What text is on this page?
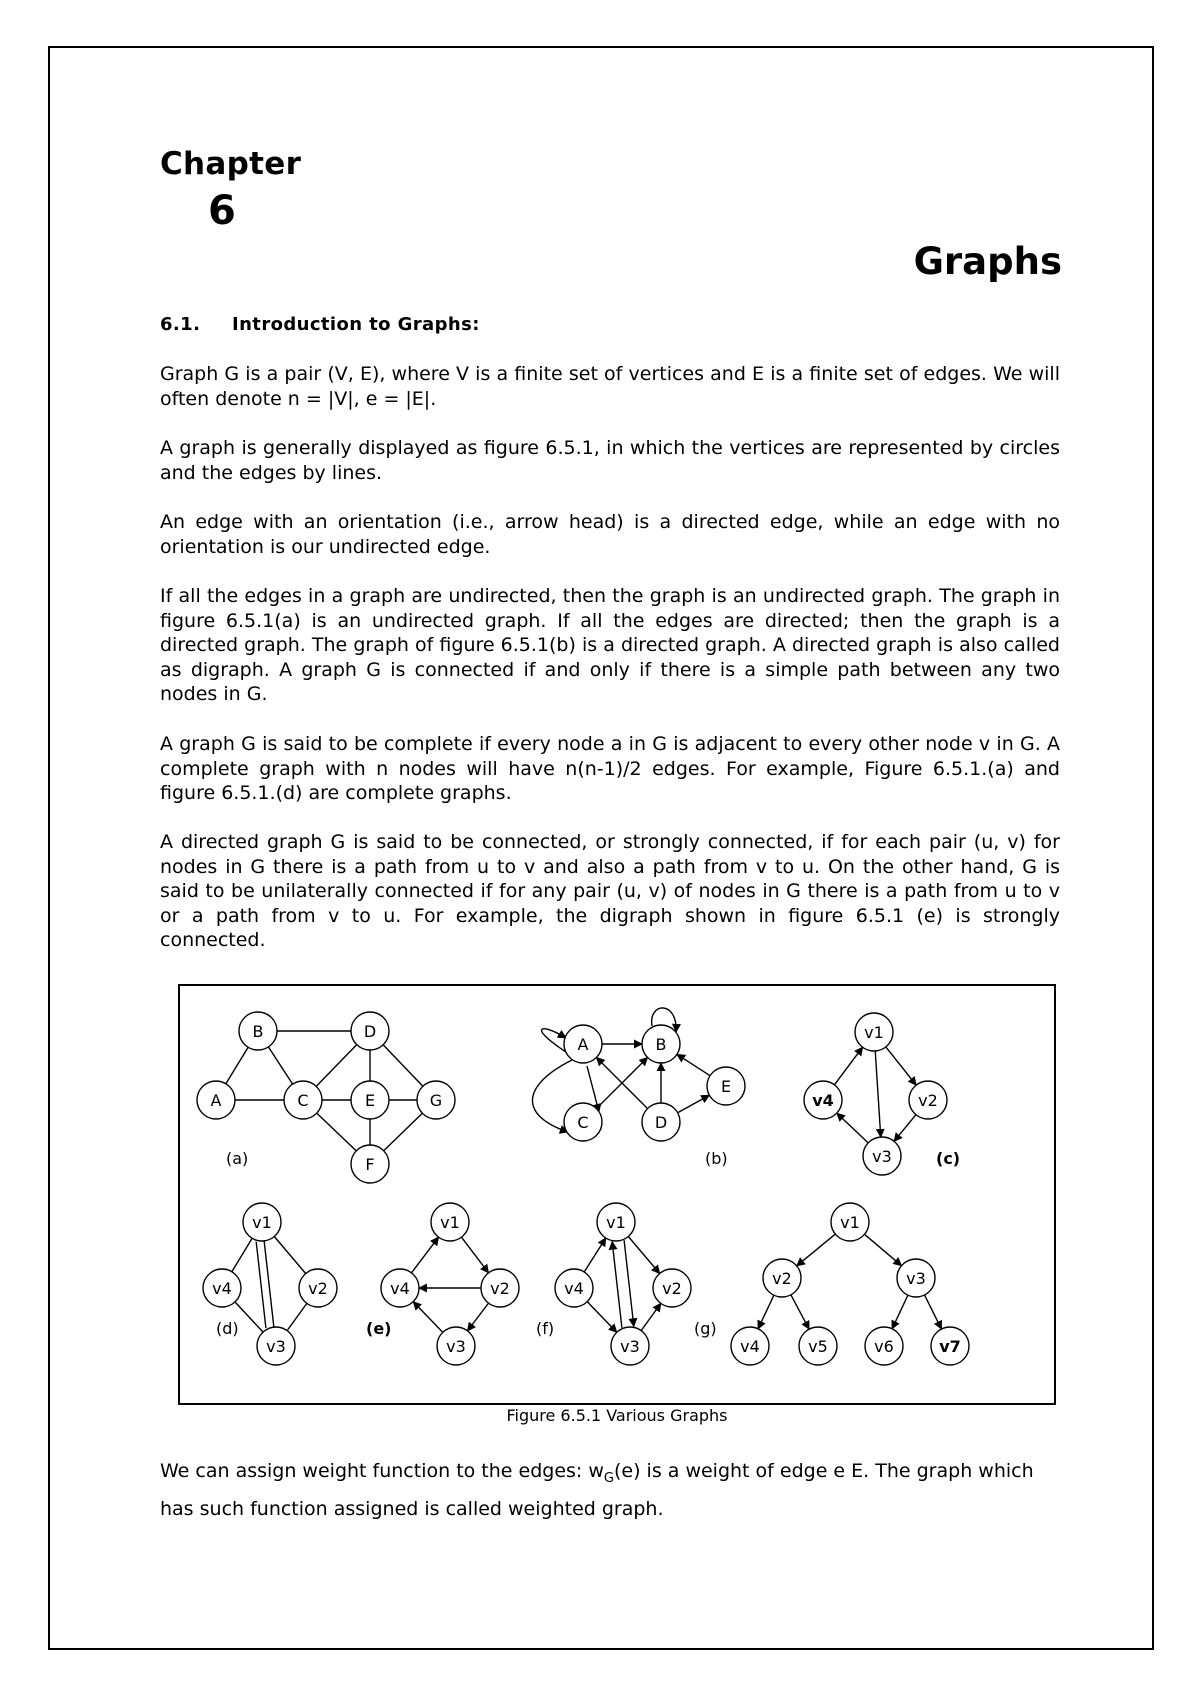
Chapter
6
Graphs
6.1. Introduction to Graphs:

Graph G is a pair (V, E), where V is a finite set of vertices and E is a finite set of edges. We will often denote n = |V|, e = |E|.

A graph is generally displayed as figure 6.5.1, in which the vertices are represented by circles and the edges by lines.

An edge with an orientation (i.e., arrow head) is a directed edge, while an edge with no orientation is our undirected edge.

If all the edges in a graph are undirected, then the graph is an undirected graph. The graph in figure 6.5.1(a) is an undirected graph. If all the edges are directed; then the graph is a directed graph. The graph of figure 6.5.1(b) is a directed graph. A directed graph is also called as digraph. A graph G is connected if and only if there is a simple path between any two nodes in G.

A graph G is said to be complete if every node a in G is adjacent to every other node v in G. A complete graph with n nodes will have n(n-1)/2 edges. For example, Figure 6.5.1.(a) and figure 6.5.1.(d) are complete graphs.

A directed graph G is said to be connected, or strongly connected, if for each pair (u, v) for nodes in G there is a path from u to v and also a path from v to u. On the other hand, G is said to be unilaterally connected if for any pair (u, v) of nodes in G there is a path from u to v or a path from v to u. For example, the digraph shown in figure 6.5.1 (e) is strongly connected.

A
B
C
D
E
F
G
A	B
C	D
E
v1
v2
v3
v4
v1
v2
v3
v4
v1
v2
v3
v4
v1
v2
v3
v4
v1
v2	v3
v4	v5	v6	v7
(a)	(b)	(c)
(d)	(e)	(f)	(g)

Figure 6.5.1 Various Graphs

We can assign weight function to the edges: $w_G(e)$ is a weight of edge e E. The graph which has such function assigned is called weighted graph.
